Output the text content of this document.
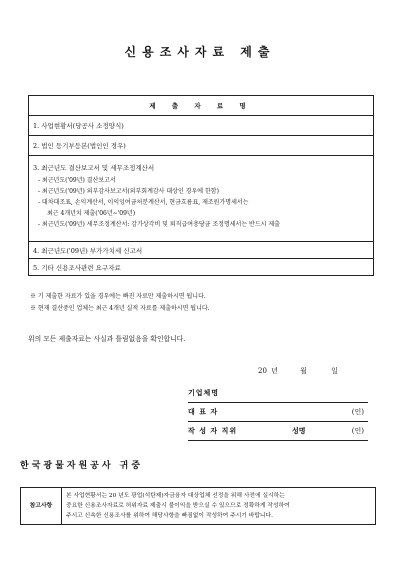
신용조사자료 제출
제 출 자 료 명
1. 사업현황서(당공사 소정양식)
2. 법인 등기부등본(법인인 경우)

3. 최근년도 결산보고서 및 세무조정계산서
- 최근년도('09년) 결산보고서
- 최근년도('09년) 외부감사보고서(외부회계감사 대상인 경우에 한함)
- 대차대조표, 손익계산서, 이익잉여금처분계산서, 현금흐름표, 제조원가명세서는
최근 4개년치 제출('06년~'09년)
- 최근년도('09년) 세무조정계산서: 감가상각비 및 퇴직급여충당금 조정명세서는 반드시 제출

4. 최근년도('09년) 부가가치세 신고서
5. 기타 신용조사관련 요구자료
※ 기 제출한 자료가 있을 경우에는 빠진 자료만 제출하시면 됩니다.
※ 현재 결산중인 업체는 최근 4개년 실적 자료를 제출하시면 됩니다.
위의 모든 제출자료는 사실과 틀림없음을 확인합니다.
20 년	월	일
기업체명
대 표 자	(인)
작 성 자 직위	성명	(인)
한국광물자원공사 귀중
참고사항	
본 사업현황서는 20 년도 광업(석탄제)자금융자 대상업체 선정을 위해 사전에 실시하는
중요한 신용조사자료로 허위자료 제출시 불이익을 받으실 수 있으므로 정확하게 작성하여
주시고 신속한 신용조사를 위하여 해당사항을 빠짐없이 작성하여 주시기 바랍니다.
